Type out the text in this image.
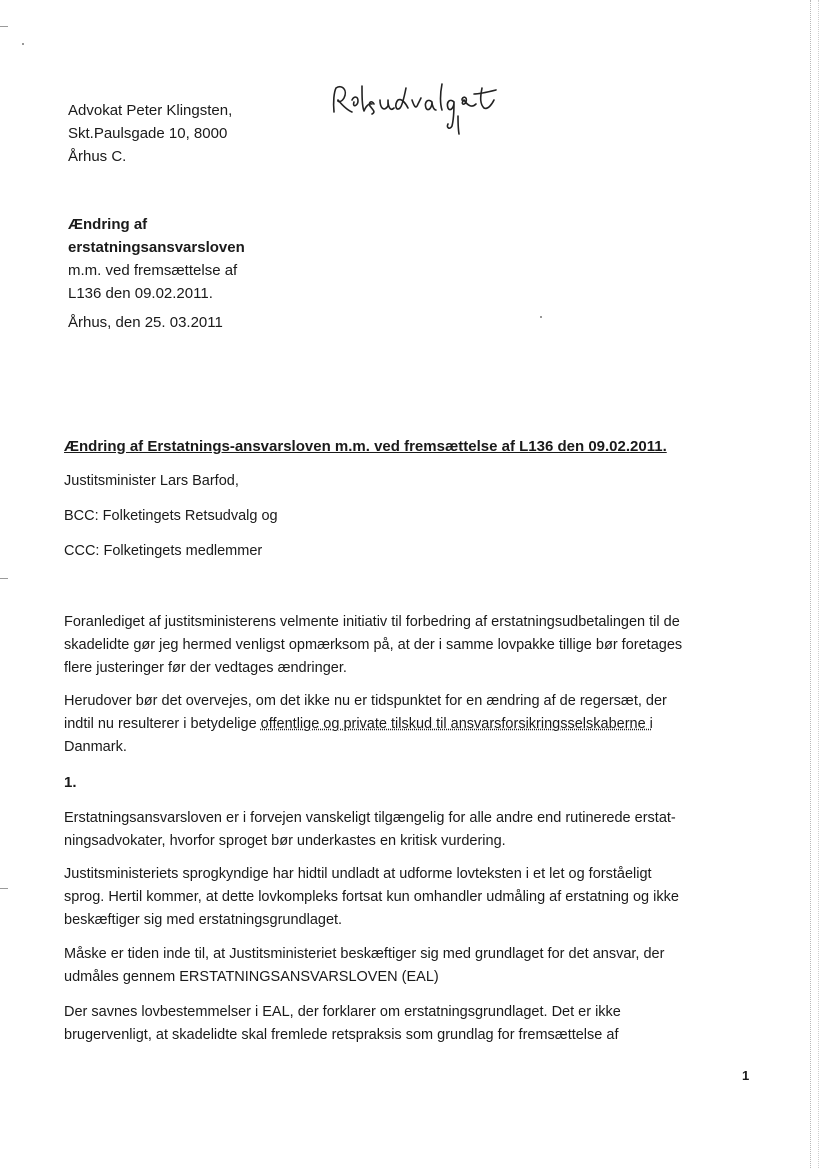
Advokat Peter Klingsten,
Skt.Paulsgade 10, 8000
Århus C.
Ændring af
erstatningsansvarsloven
m.m. ved fremsættelse af
L136 den 09.02.2011.
Århus, den 25. 03.2011
Ændring af Erstatnings-ansvarsloven m.m. ved fremsættelse af L136 den 09.02.2011.
Justitsminister Lars Barfod,
BCC: Folketingets Retsudvalg og
CCC: Folketingets medlemmer
Foranlediget af justitsministerens velmente initiativ til forbedring af erstatningsudbetalingen til de
skadelidte gør jeg hermed venligst opmærksom på, at der i samme lovpakke tillige bør foretages
flere justeringer før der vedtages ændringer.
Herudover bør det overvejes, om det ikke nu er tidspunktet for en ændring af de regersæt, der
indtil nu resulterer i betydelige offentlige og private tilskud til ansvarsforsikringsselskaberne i
Danmark.
1.
Erstatningsansvarsloven er i forvejen vanskeligt tilgængelig for alle andre end rutinerede erstat-
ningsadvokater, hvorfor sproget bør underkastes en kritisk vurdering.
Justitsministeriets sprogkyndige har hidtil undladt at udforme lovteksten i et let og forståeligt
sprog. Hertil kommer, at dette lovkompleks fortsat kun omhandler udmåling af erstatning og ikke
beskæftiger sig med erstatningsgrundlaget.
Måske er tiden inde til, at Justitsministeriet beskæftiger sig med grundlaget for det ansvar, der
udmåles gennem ERSTATNINGSANSVARSLOVEN (EAL)
Der savnes lovbestemmelser i EAL, der forklarer om erstatningsgrundlaget. Det er ikke
brugervenligt, at skadelidte skal fremlede retspraksis som grundlag for fremsættelse af
1
